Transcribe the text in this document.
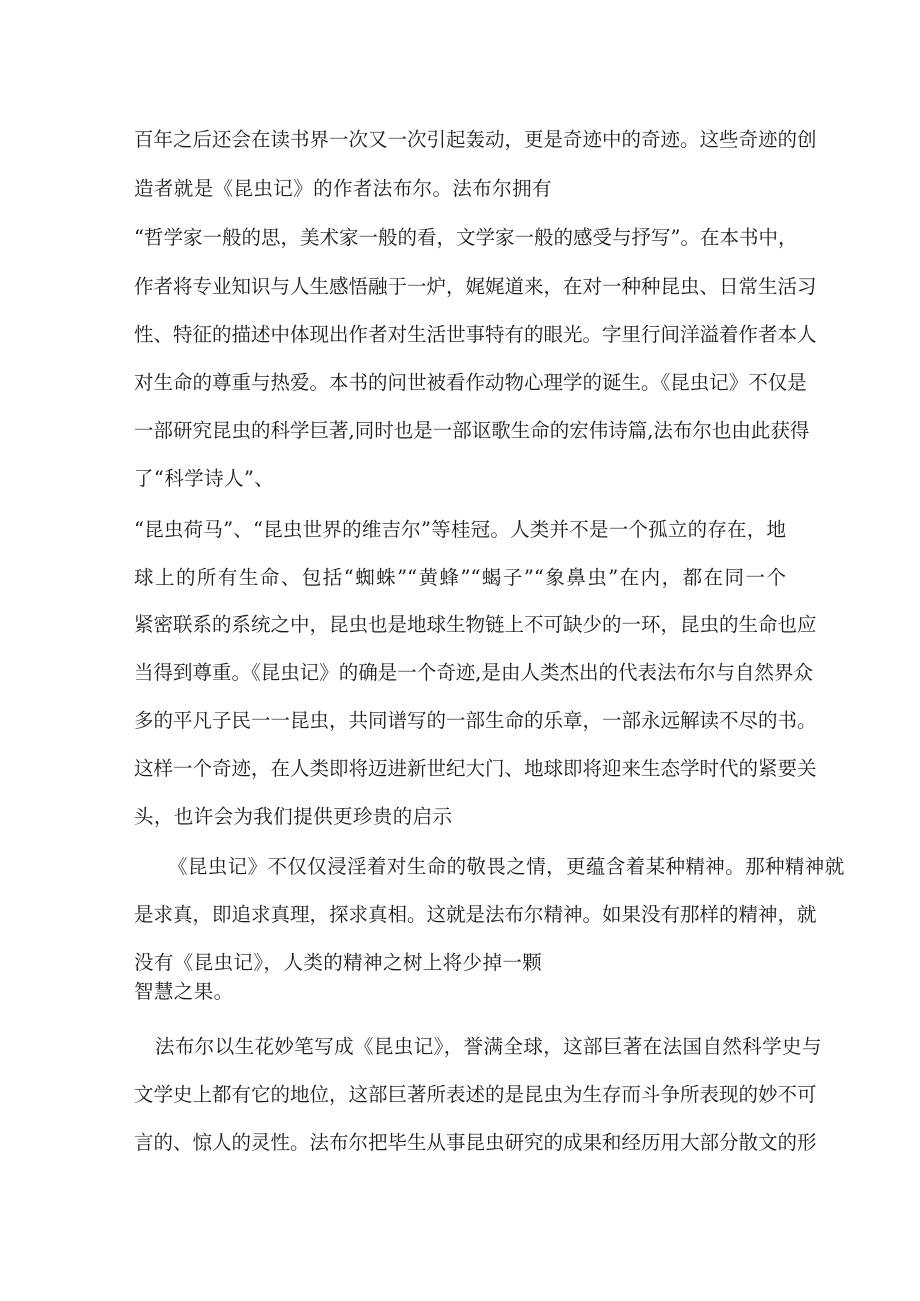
百年之后还会在读书界一次又一次引起轰动，更是奇迹中的奇迹。这些奇迹的创
造者就是《昆虫记》的作者法布尔。法布尔拥有
“哲学家一般的思，美术家一般的看，文学家一般的感受与抒写”。在本书中，
作者将专业知识与人生感悟融于一炉，娓娓道来，在对一种种昆虫、日常生活习
性、特征的描述中体现出作者对生活世事特有的眼光。字里行间洋溢着作者本人
对生命的尊重与热爱。本书的问世被看作动物心理学的诞生。《昆虫记》不仅是
一部研究昆虫的科学巨著,同时也是一部讴歌生命的宏伟诗篇,法布尔也由此获得
了“科学诗人”、
“昆虫荷马”、“昆虫世界的维吉尔”等桂冠。人类并不是一个孤立的存在，地
球上的所有生命、包括“蜘蛛”“黄蜂”“蝎子”“象鼻虫”在内，都在同一个
紧密联系的系统之中，昆虫也是地球生物链上不可缺少的一环，昆虫的生命也应
当得到尊重。《昆虫记》的确是一个奇迹,是由人类杰出的代表法布尔与自然界众
多的平凡子民一一昆虫，共同谱写的一部生命的乐章，一部永远解读不尽的书。
这样一个奇迹，在人类即将迈进新世纪大门、地球即将迎来生态学时代的紧要关
头，也许会为我们提供更珍贵的启示
《昆虫记》不仅仅浸淫着对生命的敬畏之情，更蕴含着某种精神。那种精神就
是求真，即追求真理，探求真相。这就是法布尔精神。如果没有那样的精神，就
没有《昆虫记》，人类的精神之树上将少掉一颗
智慧之果。
法布尔以生花妙笔写成《昆虫记》，誉满全球，这部巨著在法国自然科学史与
文学史上都有它的地位，这部巨著所表述的是昆虫为生存而斗争所表现的妙不可
言的、惊人的灵性。法布尔把毕生从事昆虫研究的成果和经历用大部分散文的形
